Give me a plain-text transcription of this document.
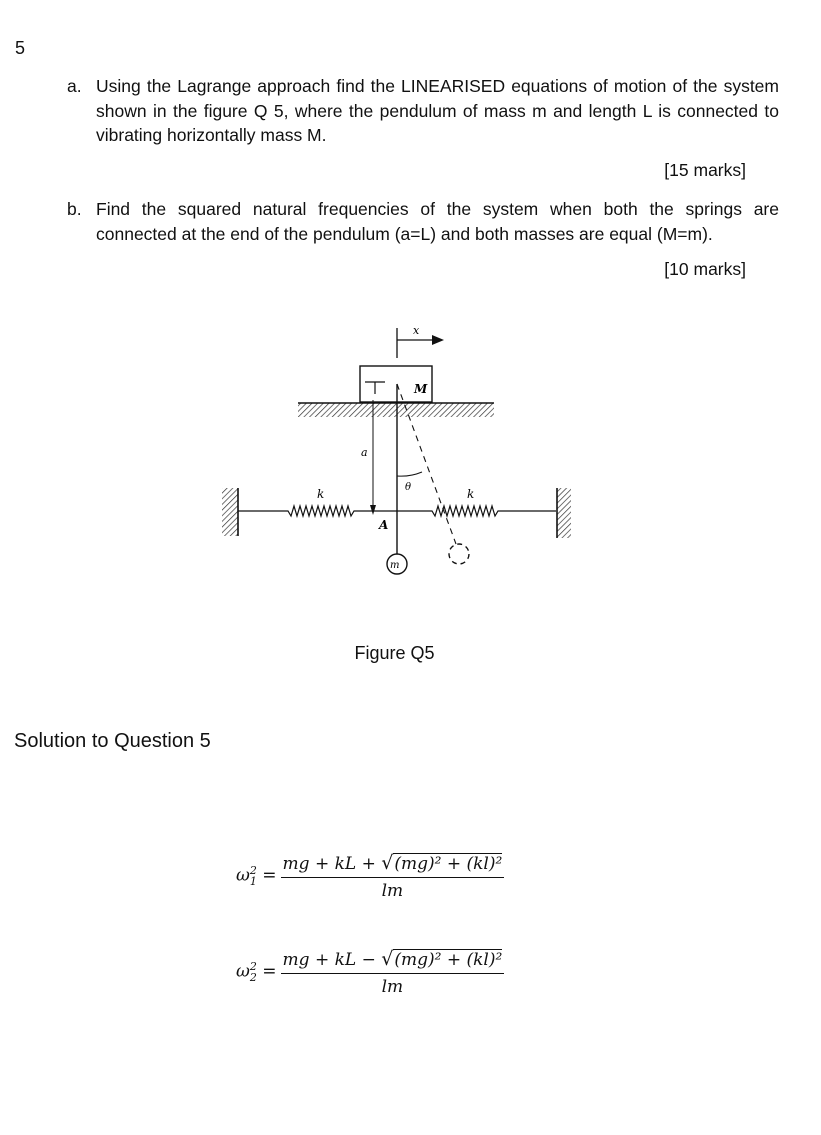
5
a. Using the Lagrange approach find the LINEARISED equations of motion of the system shown in the figure Q 5, where the pendulum of mass m and length L is connected to vibrating horizontally mass M.
[15 marks]
b. Find the squared natural frequencies of the system when both the springs are connected at the end of the pendulum (a=L) and both masses are equal (M=m).
[10 marks]
x
M
a
θ
m
k	k
A
Figure Q5
Solution to Question 5
$\omega_1^2 = \frac{\text{mg + kL + √(mg)² + (kl)²}}{lm}$
$\omega_2^2 = \frac{\text{mg + kL − √(mg)² + (kl)²}}{lm}$
